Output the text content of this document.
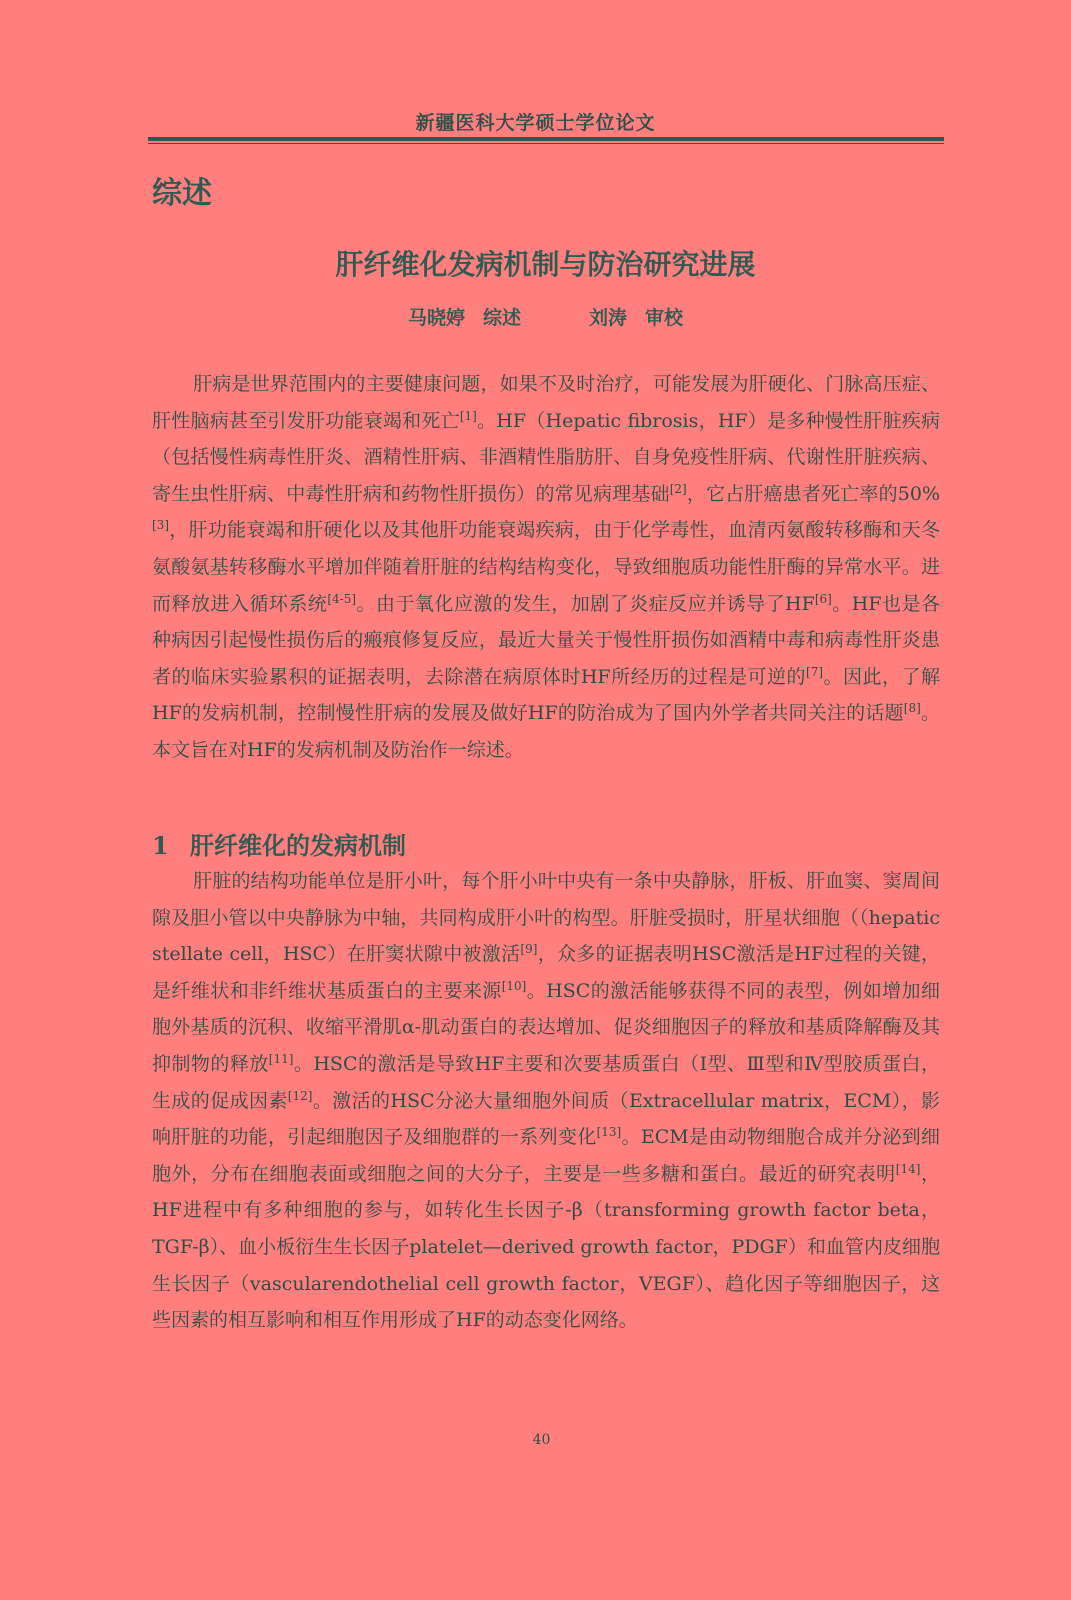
新疆医科大学硕士学位论文
综述
肝纤维化发病机制与防治研究进展
马晓婷 综述	刘涛 审校

肝病是世界范围内的主要健康问题，如果不及时治疗，可能发展为肝硬化、门脉高压症、肝性脑病甚至引发肝功能衰竭和死亡[1]。HF（Hepatic fibrosis，HF）是多种慢性肝脏疾病（包括慢性病毒性肝炎、酒精性肝病、非酒精性脂肪肝、自身免疫性肝病、代谢性肝脏疾病、寄生虫性肝病、中毒性肝病和药物性肝损伤）的常见病理基础[2]，它占肝癌患者死亡率的50%[3]，肝功能衰竭和肝硬化以及其他肝功能衰竭疾病，由于化学毒性，血清丙氨酸转移酶和天冬氨酸氨基转移酶水平增加伴随着肝脏的结构结构变化，导致细胞质功能性肝酶的异常水平。进而释放进入循环系统[4-5]。由于氧化应激的发生，加剧了炎症反应并诱导了HF[6]。HF也是各种病因引起慢性损伤后的瘢痕修复反应，最近大量关于慢性肝损伤如酒精中毒和病毒性肝炎患者的临床实验累积的证据表明，去除潜在病原体时HF所经历的过程是可逆的[7]。因此，了解HF的发病机制，控制慢性肝病的发展及做好HF的防治成为了国内外学者共同关注的话题[8]。本文旨在对HF的发病机制及防治作一综述。

1 肝纤维化的发病机制

肝脏的结构功能单位是肝小叶，每个肝小叶中央有一条中央静脉，肝板、肝血窦、窦周间隙及胆小管以中央静脉为中轴，共同构成肝小叶的构型。肝脏受损时，肝星状细胞（（hepatic stellate cell，HSC）在肝窦状隙中被激活[9]，众多的证据表明HSC激活是HF过程的关键，是纤维状和非纤维状基质蛋白的主要来源[10]。HSC的激活能够获得不同的表型，例如增加细胞外基质的沉积、收缩平滑肌α-肌动蛋白的表达增加、促炎细胞因子的释放和基质降解酶及其抑制物的释放[11]。HSC的激活是导致HF主要和次要基质蛋白（Ⅰ型、Ⅲ型和Ⅳ型胶质蛋白，生成的促成因素[12]。激活的HSC分泌大量细胞外间质（Extracellular matrix，ECM），影响肝脏的功能，引起细胞因子及细胞群的一系列变化[13]。ECM是由动物细胞合成并分泌到细胞外，分布在细胞表面或细胞之间的大分子，主要是一些多糖和蛋白。最近的研究表明[14]，HF进程中有多种细胞的参与，如转化生长因子-β（transforming growth factor beta，TGF-β）、血小板衍生生长因子platelet—derived growth factor，PDGF）和血管内皮细胞生长因子（vascularendothelial cell growth factor，VEGF）、趋化因子等细胞因子，这些因素的相互影响和相互作用形成了HF的动态变化网络。

40
